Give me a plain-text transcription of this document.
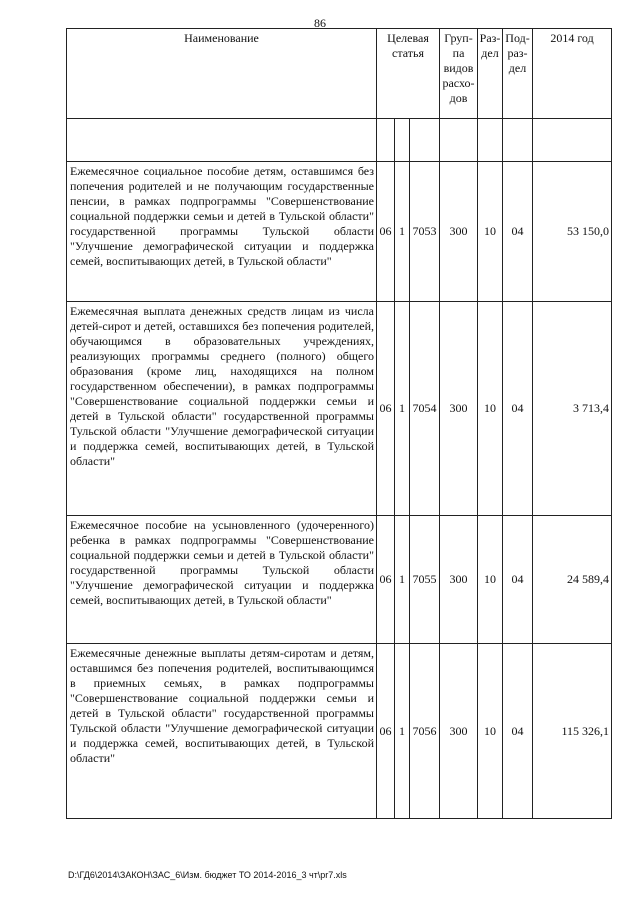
86
Наименование	Целевая статья			Груп-па видов расхо-дов	Раз-дел	Под-раз-дел	2014 год

Ежемесячное социальное пособие детям, оставшимся без попечения родителей и не получающим государственные пенсии, в рамках подпрограммы "Совершенствование социальной поддержки семьи и детей в Тульской области" государственной программы Тульской области "Улучшение демографической ситуации и поддержка семей, воспитывающих детей, в Тульской области"	06	1	7053	300	10	04	53 150,0
Ежемесячная выплата денежных средств лицам из числа детей-сирот и детей, оставшихся без попечения родителей, обучающимся в образовательных учреждениях, реализующих программы среднего (полного) общего образования (кроме лиц, находящихся на полном государственном обеспечении), в рамках подпрограммы "Совершенствование социальной поддержки семьи и детей в Тульской области" государственной программы Тульской области "Улучшение демографической ситуации и поддержка семей, воспитывающих детей, в Тульской области"	06	1	7054	300	10	04	3 713,4
Ежемесячное пособие на усыновленного (удочеренного) ребенка в рамках подпрограммы "Совершенствование социальной поддержки семьи и детей в Тульской области" государственной программы Тульской области "Улучшение демографической ситуации и поддержка семей, воспитывающих детей, в Тульской области"	06	1	7055	300	10	04	24 589,4
Ежемесячные денежные выплаты детям-сиротам и детям, оставшимся без попечения родителей, воспитывающимся в приемных семьях, в рамках подпрограммы "Совершенствование социальной поддержки семьи и детей в Тульской области" государственной программы Тульской области "Улучшение демографической ситуации и поддержка семей, воспитывающих детей, в Тульской области"	06	1	7056	300	10	04	115 326,1
D:\ГД6\2014\ЗАКОН\ЗАС_6\Изм. бюджет ТО 2014-2016_3 чт\pr7.xls
